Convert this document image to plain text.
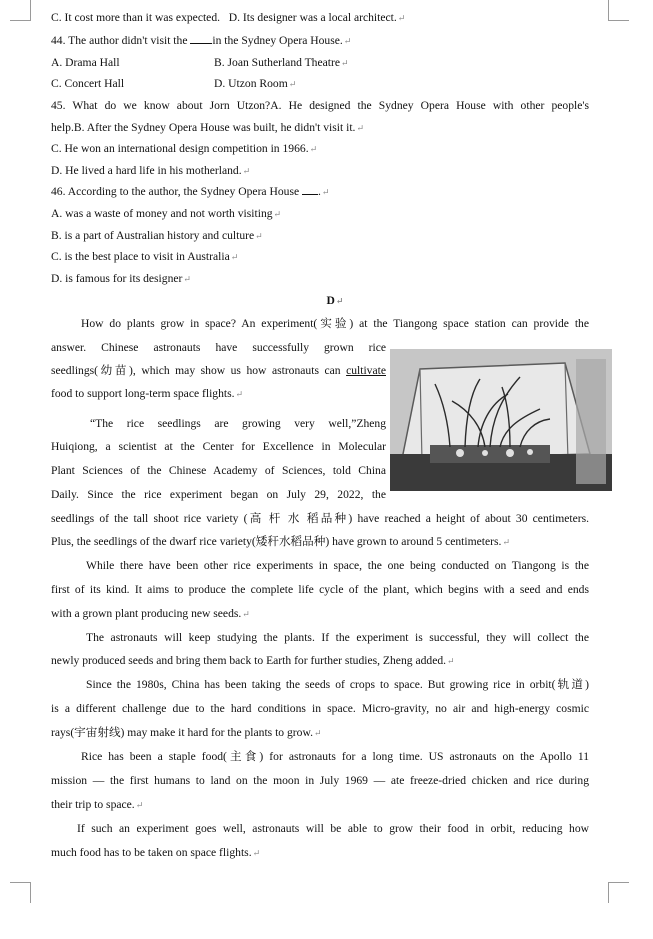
C. It cost more than it was expected. D. Its designer was a local architect.↵
44. The author didn't visit the in the Sydney Opera House.↵
A. Drama Hall	B. Joan Sutherland Theatre↵
C. Concert Hall	D. Utzon Room↵
45. What do we know about Jorn Utzon?A. He designed the Sydney Opera House with other people's
help.B. After the Sydney Opera House was built, he didn't visit it.↵
C. He won an international design competition in 1966.↵
D. He lived a hard life in his motherland.↵
46. According to the author, the Sydney Opera House .↵
A. was a waste of money and not worth visiting↵
B. is a part of Australian history and culture↵
C. is the best place to visit in Australia↵
D. is famous for its designer↵
D↵
How do plants grow in space? An experiment(实验) at the Tiangong space station can provide the
answer. Chinese astronauts have successfully grown rice
seedlings(幼苗), which may show us how astronauts can cultivate
food to support long-term space flights.↵
“The rice seedlings are growing very well,”Zheng
Huiqiong, a scientist at the Center for Excellence in Molecular
Plant Sciences of the Chinese Academy of Sciences, told China
Daily. Since the rice experiment began on July 29, 2022, the
seedlings of the tall shoot rice variety (高 杆 水 稻品种) have reached a height of about 30 centimeters.
Plus, the seedlings of the dwarf rice variety(矮秆水稻品种) have grown to around 5 centimeters.↵
While there have been other rice experiments in space, the one being conducted on Tiangong is the
first of its kind. It aims to produce the complete life cycle of the plant, which begins with a seed and ends
with a grown plant producing new seeds.↵
The astronauts will keep studying the plants. If the experiment is successful, they will collect the
newly produced seeds and bring them back to Earth for further studies, Zheng added.↵
Since the 1980s, China has been taking the seeds of crops to space. But growing rice in orbit(轨道)
is a different challenge due to the hard conditions in space. Micro-gravity, no air and high-energy cosmic
rays(宇宙射线) may make it hard for the plants to grow.↵
Rice has been a staple food(主食) for astronauts for a long time. US astronauts on the Apollo 11
mission — the first humans to land on the moon in July 1969 — ate freeze-dried chicken and rice during
their trip to space.↵
If such an experiment goes well, astronauts will be able to grow their food in orbit, reducing how
much food has to be taken on space flights.↵
